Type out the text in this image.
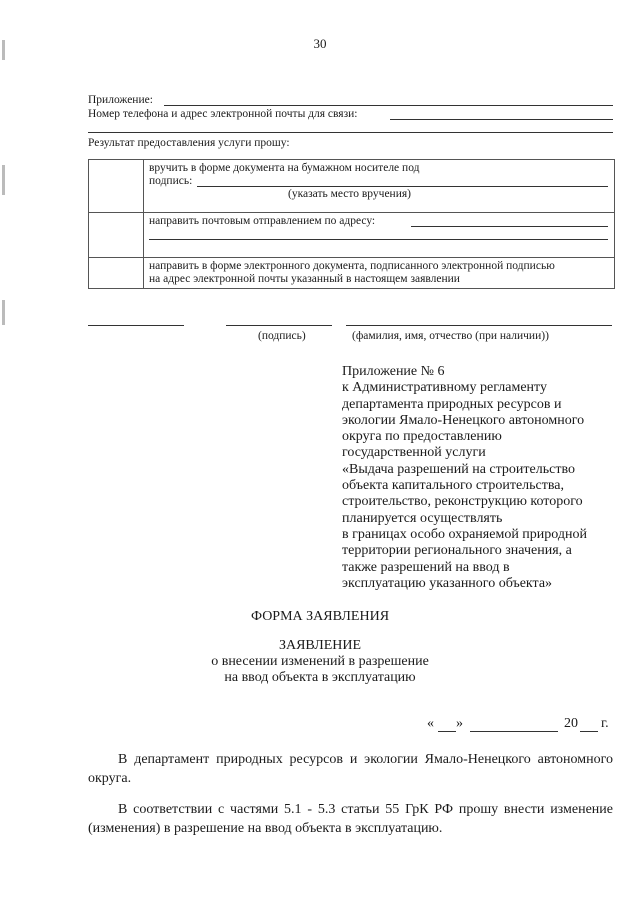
30
Приложение:
Номер телефона и адрес электронной почты для связи:
Результат предоставления услуги прошу:
вручить в форме документа на бумажном носителе под
подпись:
(указать место вручения)
направить почтовым отправлением по адресу:
направить в форме электронного документа, подписанного электронной подписью
на адрес электронной почты указанный в настоящем заявлении
(подпись)	(фамилия, имя, отчество (при наличии))
Приложение № 6
к Административному регламенту
департамента природных ресурсов и
экологии Ямало-Ненецкого автономного
округа по предоставлению
государственной услуги
«Выдача разрешений на строительство
объекта капитального строительства,
строительство, реконструкцию которого
планируется осуществлять
в границах особо охраняемой природной
территории регионального значения, а
также разрешений на ввод в
эксплуатацию указанного объекта»
ФОРМА ЗАЯВЛЕНИЯ
ЗАЯВЛЕНИЕ
о внесении изменений в разрешение
на ввод объекта в эксплуатацию
« »	20 г.
В департамент природных ресурсов и экологии Ямало-Ненецкого автономного округа.
В соответствии с частями 5.1 - 5.3 статьи 55 ГрК РФ прошу внести изменение (изменения) в разрешение на ввод объекта в эксплуатацию.
